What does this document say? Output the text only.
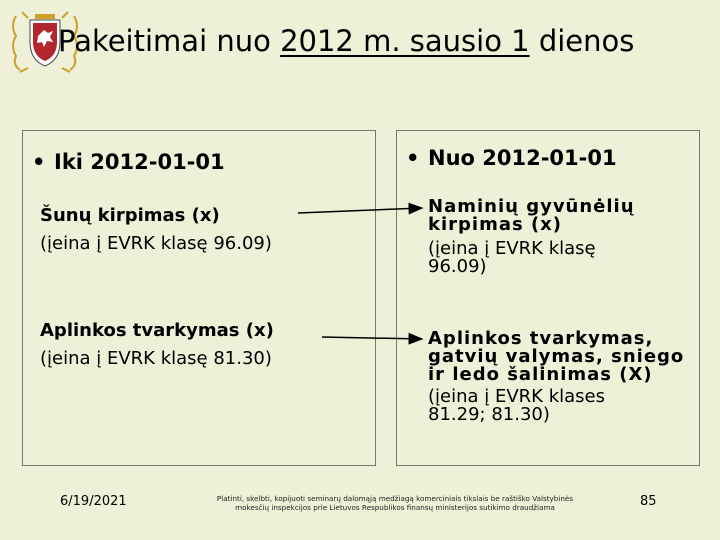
Pakeitimai nuo 2012 m. sausio 1 dienos
• Iki 2012-01-01	• Nuo 2012-01-01
Šunų kirpimas (x)
(įeina į EVRK klasę 96.09)
Aplinkos tvarkymas (x)
(įeina į EVRK klasę 81.30)
Naminių gyvūnėlių
kirpimas (x)
(įeina į EVRK klasę
96.09)
Aplinkos tvarkymas,
gatvių valymas, sniego
ir ledo šalinimas (X)
(įeina į EVRK klases
81.29; 81.30)
6/19/2021	Platinti, skelbti, kopijuoti seminarų dalomąją medžiagą komerciniais tikslais be raštiško Valstybinės
mokesčių inspekcijos prie Lietuvos Respublikos finansų ministerijos sutikimo draudžiama	85
